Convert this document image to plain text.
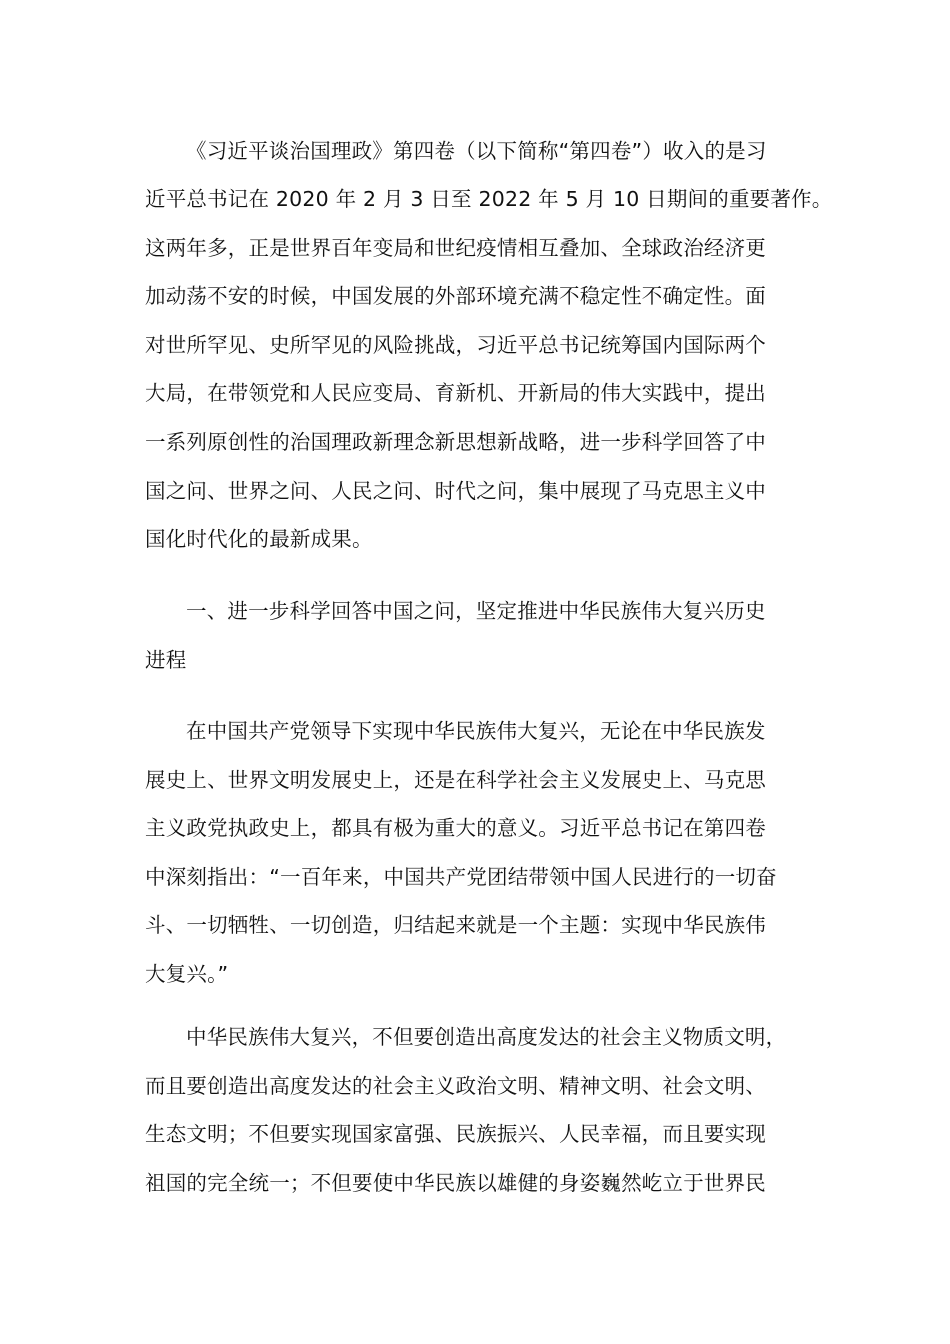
《习近平谈治国理政》第四卷（以下简称“第四卷”）收入的是习
近平总书记在 2020 年 2 月 3 日至 2022 年 5 月 10 日期间的重要著作。
这两年多，正是世界百年变局和世纪疫情相互叠加、全球政治经济更
加动荡不安的时候，中国发展的外部环境充满不稳定性不确定性。面
对世所罕见、史所罕见的风险挑战，习近平总书记统筹国内国际两个
大局，在带领党和人民应变局、育新机、开新局的伟大实践中，提出
一系列原创性的治国理政新理念新思想新战略，进一步科学回答了中
国之问、世界之问、人民之问、时代之问，集中展现了马克思主义中
国化时代化的最新成果。
一、进一步科学回答中国之问，坚定推进中华民族伟大复兴历史
进程
在中国共产党领导下实现中华民族伟大复兴，无论在中华民族发
展史上、世界文明发展史上，还是在科学社会主义发展史上、马克思
主义政党执政史上，都具有极为重大的意义。习近平总书记在第四卷
中深刻指出：“一百年来，中国共产党团结带领中国人民进行的一切奋
斗、一切牺牲、一切创造，归结起来就是一个主题：实现中华民族伟
大复兴。”
中华民族伟大复兴，不但要创造出高度发达的社会主义物质文明，
而且要创造出高度发达的社会主义政治文明、精神文明、社会文明、
生态文明；不但要实现国家富强、民族振兴、人民幸福，而且要实现
祖国的完全统一；不但要使中华民族以雄健的身姿巍然屹立于世界民
